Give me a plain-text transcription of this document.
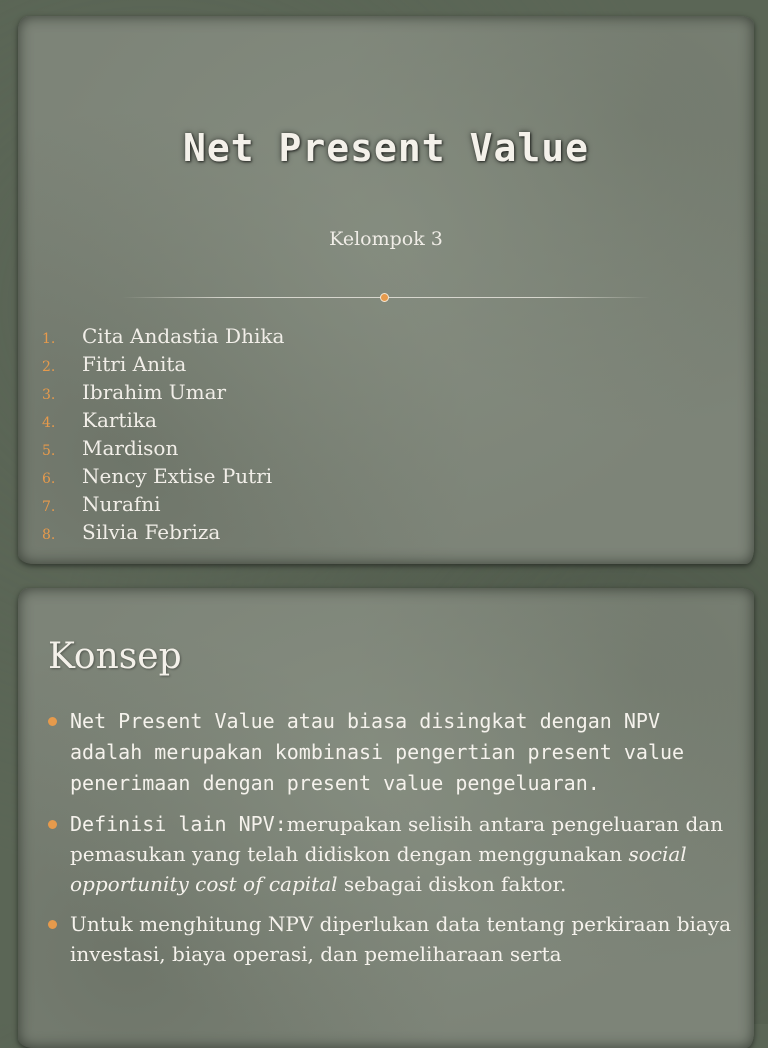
Net Present Value
Kelompok 3
1. Cita Andastia Dhika
2. Fitri Anita
3. Ibrahim Umar
4. Kartika
5. Mardison
6. Nency Extise Putri
7. Nurafni
8. Silvia Febriza
Konsep
Net Present Value atau biasa disingkat dengan NPV adalah merupakan kombinasi pengertian present value penerimaan dengan present value pengeluaran.
Definisi lain NPV:merupakan selisih antara pengeluaran dan pemasukan yang telah didiskon dengan menggunakan social opportunity cost of capital sebagai diskon faktor.
Untuk menghitung NPV diperlukan data tentang perkiraan biaya investasi, biaya operasi, dan pemeliharaan serta
